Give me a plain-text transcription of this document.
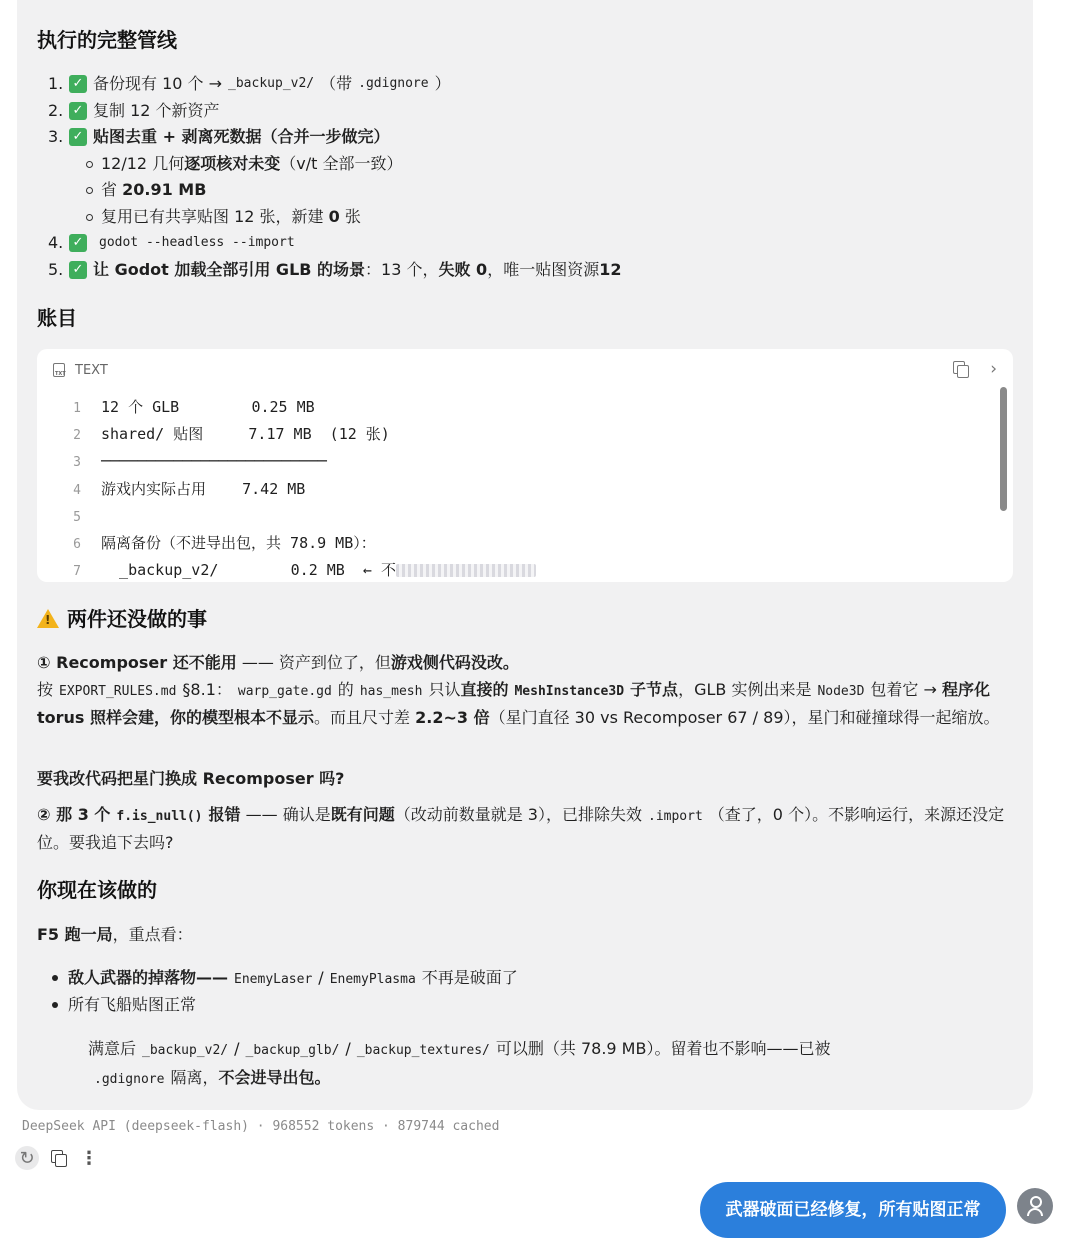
执行的完整管线
1. ✓ 备份现有 10 个 → _backup_v2/ （带 .gdignore ）
2. ✓ 复制 12 个新资产
3. ✓ 贴图去重 + 剥离死数据（合并一步做完）
12/12 几何逐项核对未变（v/t 全部一致）
省 20.91 MB
复用已有共享贴图 12 张，新建 0 张
4. ✓	godot --headless --import
5. ✓ 让 Godot 加载全部引用 GLB 的场景 ：13 个， 失败 0 ，唯一贴图资源 12
账目
TXT TEXT	›
1 12 个 GLB        0.25 MB
2 shared/ 贴图     7.17 MB  (12 张)
3 ─────────────────────────
4 游戏内实际占用    7.42 MB
5
6 隔离备份（不进导出包，共 78.9 MB）：
7  _backup_v2/        0.2 MB  ← 不
!两件还没做的事
① Recomposer 还不能用 —— 资产到位了，但游戏侧代码没改。
按 EXPORT_RULES.md §8.1： warp_gate.gd 的 has_mesh 只认直接的 MeshInstance3D 子节点，GLB 实例出来是 Node3D 包着它 → 程序化 torus 照样会建，你的模型根本不显示。而且尺寸差 2.2~3 倍（星门直径 30 vs Recomposer 67 / 89），星门和碰撞球得一起缩放。
要我改代码把星门换成 Recomposer 吗?
② 那 3 个 f.is_null() 报错 —— 确认是既有问题（改动前数量就是 3），已排除失效 .import （查了，0 个）。不影响运行，来源还没定位。要我追下去吗?
你现在该做的
F5 跑一局，重点看：
敌人武器的掉落物—— EnemyLaser / EnemyPlasma 不再是破面了
所有飞船贴图正常
满意后 _backup_v2/ / _backup_glb/ / _backup_textures/ 可以删（共 78.9 MB）。留着也不影响——已被
.gdignore 隔离，不会进导出包。
DeepSeek API (deepseek-flash) · 968552 tokens · 879744 cached
↻	⋮
武器破面已经修复，所有贴图正常
